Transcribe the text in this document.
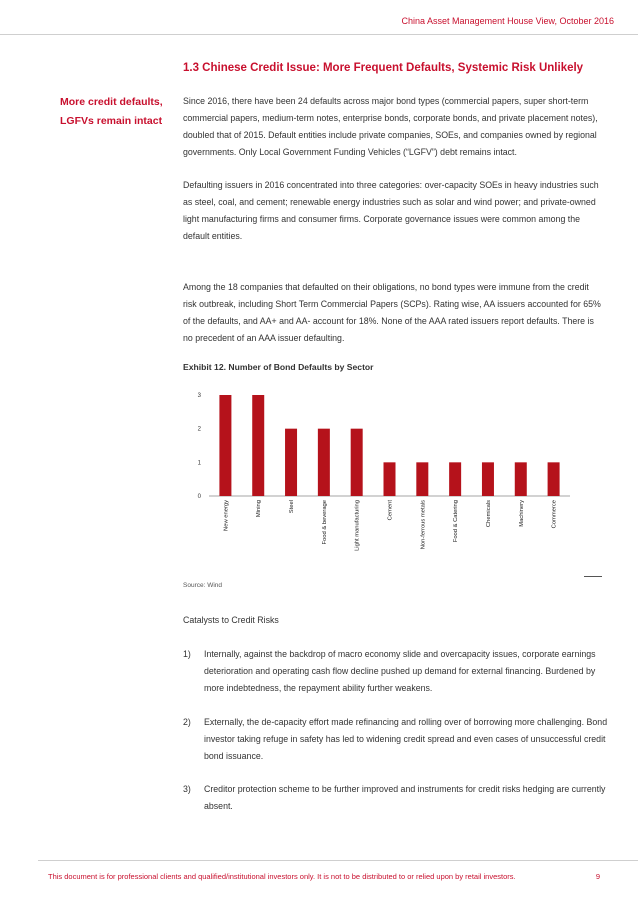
China Asset Management House View, October 2016
1.3 Chinese Credit Issue: More Frequent Defaults, Systemic Risk Unlikely
More credit defaults, LGFVs remain intact

Since 2016, there have been 24 defaults across major bond types (commercial papers, super short-term commercial papers, medium-term notes, enterprise bonds, corporate bonds, and private placement notes), doubled that of 2015. Default entities include private companies, SOEs, and companies owned by regional governments. Only Local Government Funding Vehicles (“LGFV”) debt remains intact.

Defaulting issuers in 2016 concentrated into three categories: over-capacity SOEs in heavy industries such as steel, coal, and cement; renewable energy industries such as solar and wind power; and private-owned light manufacturing firms and consumer firms. Corporate governance issues were common among the default entities.

Among the 18 companies that defaulted on their obligations, no bond types were immune from the credit risk outbreak, including Short Term Commercial Papers (SCPs). Rating wise, AA issuers accounted for 65% of the defaults, and AA+ and AA- account for 18%. None of the AAA rated issuers report defaults. There is no precedent of an AAA issuer defaulting.

Exhibit 12. Number of Bond Defaults by Sector
0
1
2
3
New energy	Mining	Steel	Food & beverage	Light manufacturing	Cement	Non-ferrous metals	Food & Catering	Chemicals	Machinery	Commerce
Source: Wind
Catalysts to Credit Risks
1) Internally, against the backdrop of macro economy slide and overcapacity issues, corporate earnings deterioration and operating cash flow decline pushed up demand for external financing. Burdened by more indebtedness, the repayment ability further weakens.
2) Externally, the de-capacity effort made refinancing and rolling over of borrowing more challenging. Bond investor taking refuge in safety has led to widening credit spread and even cases of unsuccessful credit bond issuance.
3) Creditor protection scheme to be further improved and instruments for credit risks hedging are currently absent.
This document is for professional clients and qualified/institutional investors only. It is not to be distributed to or relied upon by retail investors.	9
